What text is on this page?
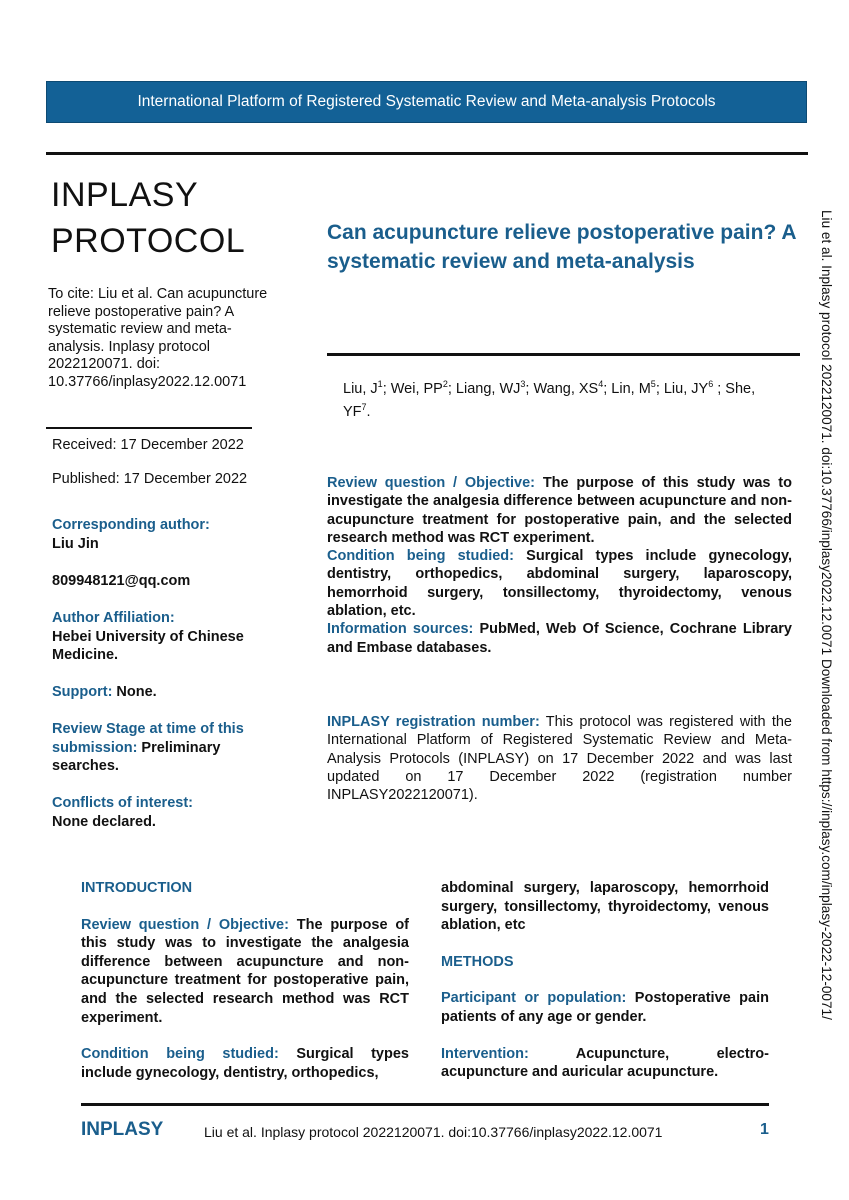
International Platform of Registered Systematic Review and Meta-analysis Protocols
INPLASY
PROTOCOL
To cite: Liu et al. Can acupuncture relieve postoperative pain? A systematic review and meta-analysis. Inplasy protocol 2022120071. doi: 10.37766/inplasy2022.12.0071
Received: 17 December 2022
Published: 17 December 2022
Corresponding author:
Liu Jin
809948121@qq.com
Author Affiliation:
Hebei University of Chinese Medicine.
Support: None.
Review Stage at time of this submission: Preliminary searches.
Conflicts of interest:
None declared.
Can acupuncture relieve postoperative pain? A systematic review and meta-analysis
Liu, $J^1$; Wei, $PP^2$; Liang, $WJ^3$; Wang, $XS^4$; Lin, $M^5$; Liu, $JY^6$ ; She, $YF^7$.
Review question / Objective: The purpose of this study was to investigate the analgesia difference between acupuncture and non-acupuncture treatment for postoperative pain, and the selected research method was RCT experiment.
Condition being studied: Surgical types include gynecology, dentistry, orthopedics, abdominal surgery, laparoscopy, hemorrhoid surgery, tonsillectomy, thyroidectomy, venous ablation, etc.
Information sources: PubMed, Web Of Science, Cochrane Library and Embase databases.
INPLASY registration number: This protocol was registered with the International Platform of Registered Systematic Review and Meta-Analysis Protocols (INPLASY) on 17 December 2022 and was last updated on 17 December 2022 (registration number INPLASY2022120071).

INTRODUCTION

Review question / Objective: The purpose of this study was to investigate the analgesia difference between acupuncture and non-acupuncture treatment for postoperative pain, and the selected research method was RCT experiment.

Condition being studied: Surgical types include gynecology, dentistry, orthopedics,

abdominal surgery, laparoscopy, hemorrhoid surgery, tonsillectomy, thyroidectomy, venous ablation, etc

METHODS

Participant or population: Postoperative pain patients of any age or gender.

Intervention: Acupuncture, electro-acupuncture and auricular acupuncture.

Liu et al. Inplasy protocol 2022120071. doi:10.37766/inplasy2022.12.0071 Downloaded from https://inplasy.com/inplasy-2022-12-0071/
INPLASY	Liu et al. Inplasy protocol 2022120071. doi:10.37766/inplasy2022.12.0071	1
